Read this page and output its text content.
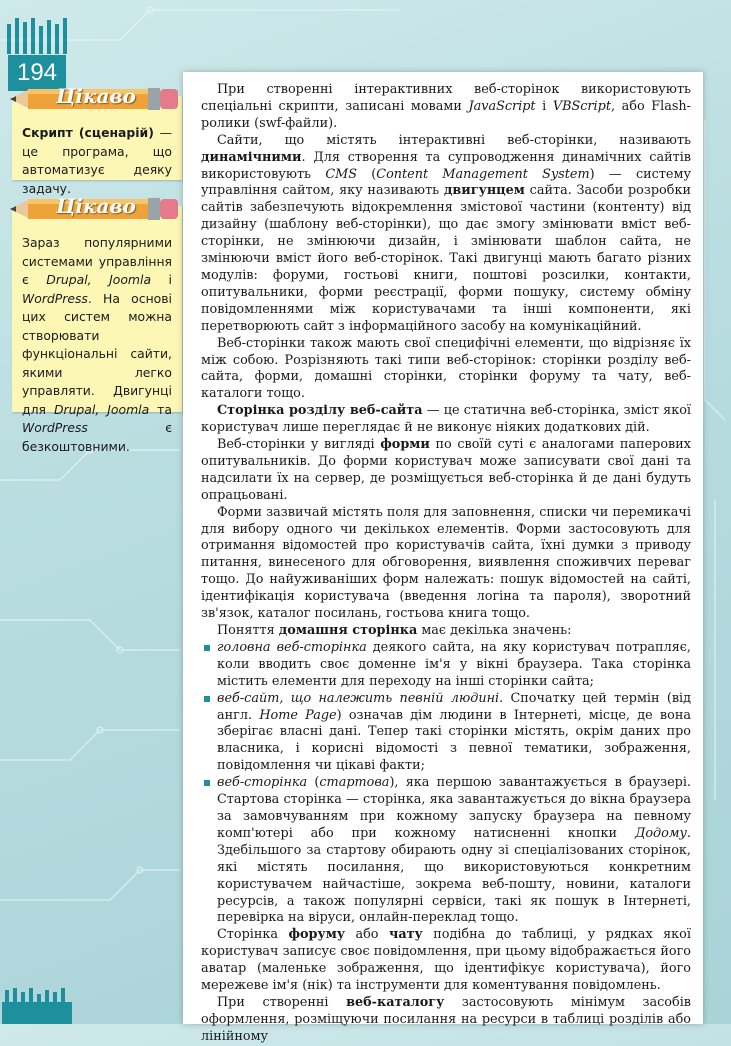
194
Скрипт (сценарій) — це програма, що автоматизує деяку задачу.
Цікаво
Зараз популярними системами управління є Drupal, Joomla і WordPress. На основі цих систем можна створювати функціональні сайти, якими легко управляти. Двигунці для Drupal, Joomla та WordPress є безкоштовними.
Цікаво

При створенні інтерактивних веб-сторінок використовують спеціальні скрипти, записані мовами JavaScript і VBScript, або Flash-ролики (swf-файли).

Сайти, що містять інтерактивні веб-сторінки, називають динамічними. Для створення та супроводження динамічних сайтів використовують CMS (Content Management System) — систему управління сайтом, яку називають двигунцем сайта. Засоби розробки сайтів забезпечують відокремлення змістової частини (контенту) від дизайну (шаблону веб-сторінки), що дає змогу змінювати вміст веб-сторінки, не змінюючи дизайн, і змінювати шаблон сайта, не змінюючи вміст його веб-сторінок. Такі двигунці мають багато різних модулів: форуми, гостьові книги, поштові розсилки, контакти, опитувальники, форми реєстрації, форми пошуку, систему обміну повідомленнями між користувачами та інші компоненти, які перетворюють сайт з інформаційного засобу на комунікаційний.

Веб-сторінки також мають свої специфічні елементи, що відрізняє їх між собою. Розрізняють такі типи веб-сторінок: сторінки розділу веб-сайта, форми, домашні сторінки, сторінки форуму та чату, веб-каталоги тощо.

Сторінка розділу веб-сайта — це статична веб-сторінка, зміст якої користувач лише переглядає й не виконує ніяких додаткових дій.

Веб-сторінки у вигляді форми по своїй суті є аналогами паперових опитувальників. До форми користувач може записувати свої дані та надсилати їх на сервер, де розміщується веб-сторінка й де дані будуть опрацьовані.

Форми зазвичай містять поля для заповнення, списки чи перемикачі для вибору одного чи декількох елементів. Форми застосовують для отримання відомостей про користувачів сайта, їхні думки з приводу питання, винесеного для обговорення, виявлення споживчих переваг тощо. До найуживаніших форм належать: пошук відомостей на сайті, ідентифікація користувача (введення логіна та пароля), зворотний зв'язок, каталог посилань, гостьова книга тощо.

Поняття домашня сторінка має декілька значень:

головна веб-сторінка деякого сайта, на яку користувач потрапляє, коли вводить своє доменне ім'я у вікні браузера. Така сторінка містить елементи для переходу на інші сторінки сайта;
веб-сайт, що належить певній людині. Спочатку цей термін (від англ. Home Page) означав дім людини в Інтернеті, місце, де вона зберігає власні дані. Тепер такі сторінки містять, окрім даних про власника, і корисні відомості з певної тематики, зображення, повідомлення чи цікаві факти;
веб-сторінка (стартова), яка першою завантажується в браузері. Стартова сторінка — сторінка, яка завантажується до вікна браузера за замовчуванням при кожному запуску браузера на певному комп'ютері або при кожному натисненні кнопки Додому. Здебільшого за стартову обирають одну зі спеціалізованих сторінок, які містять посилання, що використовуються конкретним користувачем найчастіше, зокрема веб-пошту, новини, каталоги ресурсів, а також популярні сервіси, такі як пошук в Інтернеті, перевірка на віруси, онлайн-переклад тощо.

Сторінка форуму або чату подібна до таблиці, у рядках якої користувач записує своє повідомлення, при цьому відображається його аватар (маленьке зображення, що ідентифікує користувача), його мережеве ім'я (нік) та інструменти для коментування повідомлень.

При створенні веб-каталогу застосовують мінімум засобів оформлення, розміщуючи посилання на ресурси в таблиці розділів або лінійному
